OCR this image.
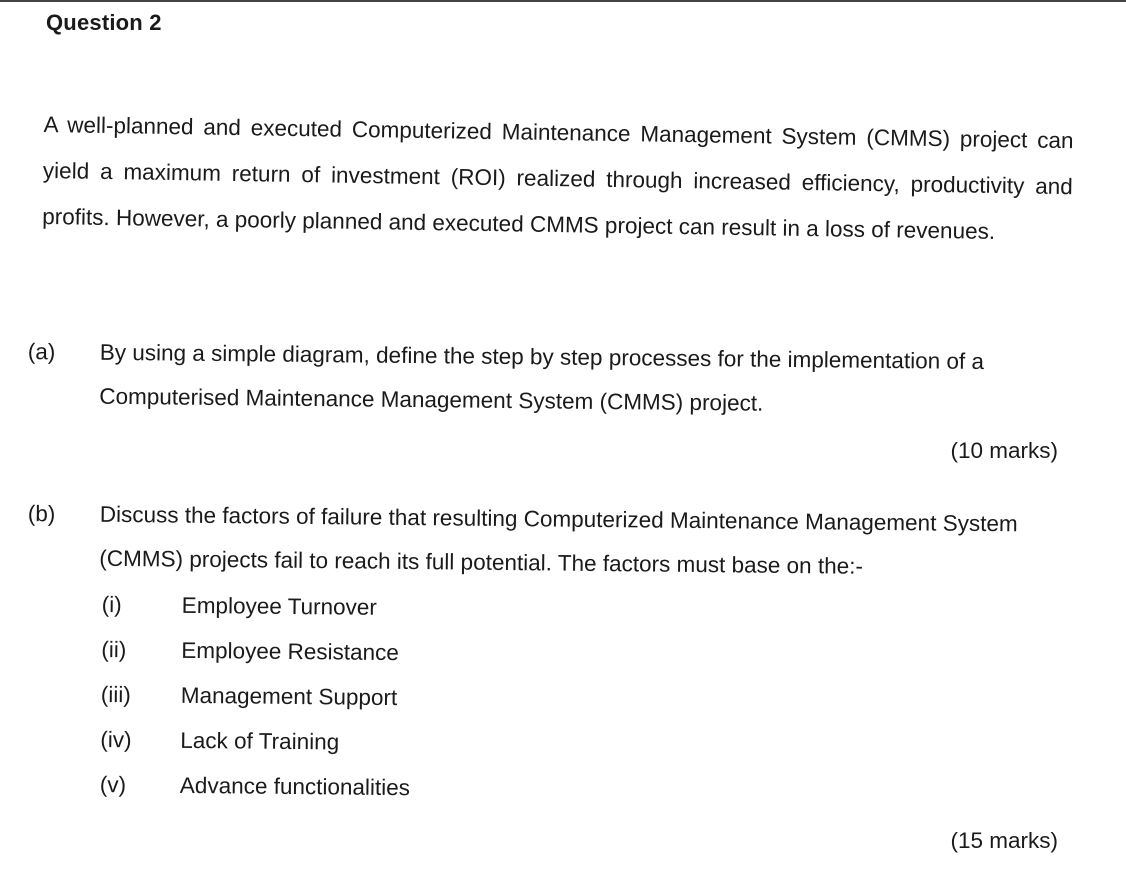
Question 2
A well-planned and executed Computerized Maintenance Management System (CMMS) project can yield a maximum return of investment (ROI) realized through increased efficiency, productivity and profits. However, a poorly planned and executed CMMS project can result in a loss of revenues.
(a) By using a simple diagram, define the step by step processes for the implementation of a Computerised Maintenance Management System (CMMS) project.
(10 marks)
(b) Discuss the factors of failure that resulting Computerized Maintenance Management System (CMMS) projects fail to reach its full potential. The factors must base on the:-
(i)	Employee Turnover
(ii) Employee Resistance
(iii) Management Support
(iv) Lack of Training
(v) Advance functionalities
(15 marks)
